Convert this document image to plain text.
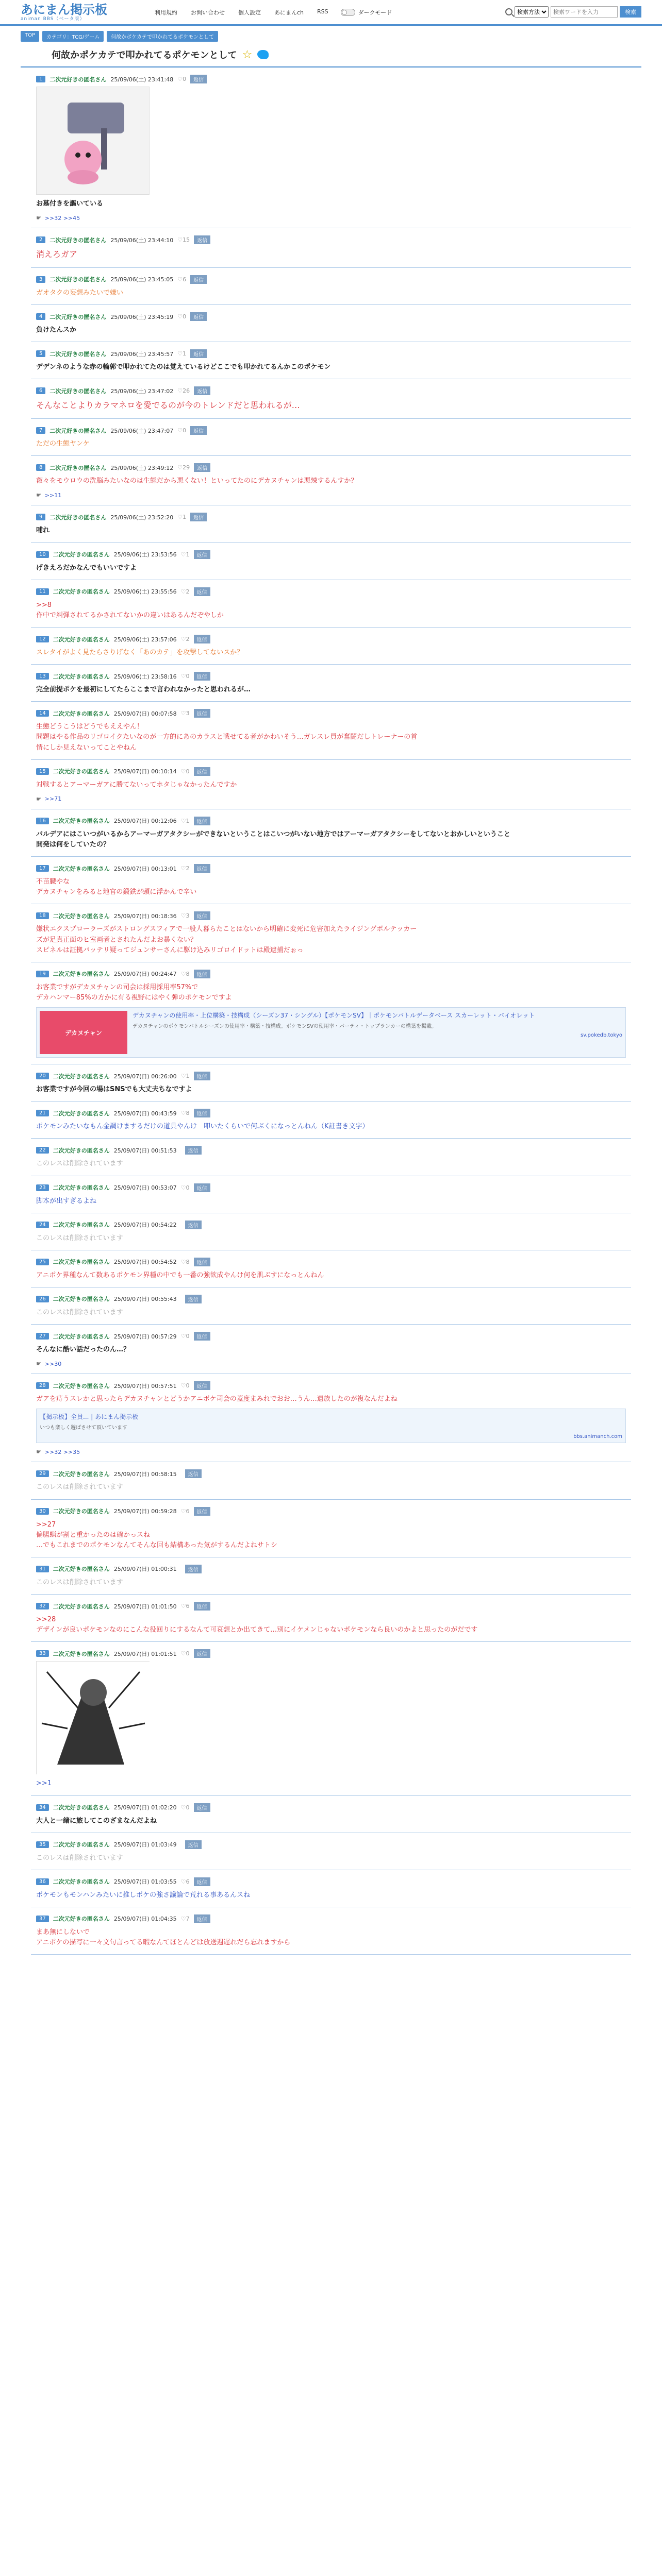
あにまん掲示板
animan BBS（ベータ版）
利用規約	お問い合わせ	個人設定	あにまんch	RSS	ダークモード
検索方法
検索ワードを入力	検索
TOP	カテゴリ：TCG/ゲーム	何故かポケカテで叩かれてるポケモンとして
何故かポケカテで叩かれてるポケモンとして ☆
1	二次元好きの匿名さん 25/09/06(土) 23:41:48 ♡0	返信
お墓付きを謳いている
☛ >>32 >>45
2	二次元好きの匿名さん 25/09/06(土) 23:44:10 ♡15	返信
消えろガア
3	二次元好きの匿名さん 25/09/06(土) 23:45:05 ♡6	返信
ガオタクの妄想みたいで嫌い
4	二次元好きの匿名さん 25/09/06(土) 23:45:19 ♡0	返信
負けたんスか
5	二次元好きの匿名さん 25/09/06(土) 23:45:57 ♡1	返信
デデンネのような赤の輪郭で叩かれてたのは覚えているけどここでも叩かれてるんかこのポケモン
6	二次元好きの匿名さん 25/09/06(土) 23:47:02 ♡26	返信
そんなことよりカラマネロを愛でるのが今のトレンドだと思われるが…
7	二次元好きの匿名さん 25/09/06(土) 23:47:07 ♡0	返信
ただの生態ヤンケ
8	二次元好きの匿名さん 25/09/06(土) 23:49:12 ♡29	返信
叡々をモウロウの洗脳みたいなのは生態だから悪くない！といってたのにデカヌチャンは悪辣するんすか？
☛ >>11
9	二次元好きの匿名さん 25/09/06(土) 23:52:20 ♡1	返信
哺れ
10	二次元好きの匿名さん 25/09/06(土) 23:53:56 ♡1	返信
げきえろだかなんでもいいですよ
11	二次元好きの匿名さん 25/09/06(土) 23:55:56 ♡2	返信
>>8
作中で糾弾されてるかされてないかの違いはあるんだぞやしか
12	二次元好きの匿名さん 25/09/06(土) 23:57:06 ♡2	返信
スレタイがよく見たらさりげなく「あのカテ」を攻撃してないスか？
13	二次元好きの匿名さん 25/09/06(土) 23:58:16 ♡0	返信
完全前提ポケを最初にしてたらここまで言われなかったと思われるが…
14	二次元好きの匿名さん 25/09/07(日) 00:07:58 ♡3	返信
生態どうこうはどうでもええやん！
問題はやる作品のリゴロイクたいなのが一方的にあのカラスと戦せてる者がかわいそう…ガレスレ員が奮闘だしトレーナーの首
情にしか見えないってことやねん
15	二次元好きの匿名さん 25/09/07(日) 00:10:14 ♡0	返信
対戦するとアーマーガアに勝てないってホタじゃなかったんですか
☛ >>71
16	二次元好きの匿名さん 25/09/07(日) 00:12:06 ♡1	返信
パルデアにはこいつがいるからアーマーガアタクシーができないということはこいつがいない地方ではアーマーガアタクシーをしてないとおかしいということ
開発は何をしていたの？
17	二次元好きの匿名さん 25/09/07(日) 00:13:01 ♡2	返信
不苗臓やな
デカヌチャンをみると地官の鍛鉄が頭に浮かんで辛い
18	二次元好きの匿名さん 25/09/07(日) 00:18:36 ♡3	返信
嫌状エクスプローラーズがストロングスフィアで一般人暮らたことはないから明確に変死に危害加えたライジングボルテッカー
ズが足真正面のヒ室画者とされたんだよお暴くない？
スピネルは証拠バッテリ疑ってジュンサーさんに駆け込みリゴロイドットは殿逮捕だぉっ
19	二次元好きの匿名さん 25/09/07(日) 00:24:47 ♡8	返信
お客業ですがデカヌチャンの司会は採用採用率57%で
デカハンマー85%の方かに有る視野にはやく弾のポケモンですよ
デカヌチャン
デカヌチャンの使用率・上位構築・技構成（シーズン37・シングル）【ポケモンSV】｜ポケモンバトルデータベース スカーレット・バイオレット
デカヌチャンのポケモンバトルシーズンの使用率・構築・技構成。ポケモンSVの使用率・パーティ・トップランカーの構築を掲載。
sv.pokedb.tokyo
20	二次元好きの匿名さん 25/09/07(日) 00:26:00 ♡1	返信
お客業ですが今回の場はSNSでも大丈夫ちなですよ
21	二次元好きの匿名さん 25/09/07(日) 00:43:59 ♡8	返信
ポケモンみたいなもん金調けまするだけの道具やんけ　叩いたくらいで何ぶくになっとんねん（K註書き文字）
22	二次元好きの匿名さん 25/09/07(日) 00:51:53	返信
このレスは削除されています
23	二次元好きの匿名さん 25/09/07(日) 00:53:07 ♡0	返信
脚本が出すぎるよね
24	二次元好きの匿名さん 25/09/07(日) 00:54:22	返信
このレスは削除されています
25	二次元好きの匿名さん 25/09/07(日) 00:54:52 ♡8	返信
アニポケ界種なんて数あるポケモン界種の中でも一番の強欲成やんけ何を肌ぶすになっとんねん
26	二次元好きの匿名さん 25/09/07(日) 00:55:43	返信
このレスは削除されています
27	二次元好きの匿名さん 25/09/07(日) 00:57:29 ♡0	返信
そんなに酷い話だったのん…？
☛ >>30
28	二次元好きの匿名さん 25/09/07(日) 00:57:51 ♡0	返信
ガアを痔うスレかと思ったらデカヌチャンとどうかアニポケ司会の蓋度まみれでおお…うん…遺族したのが複なんだよね
【掲示板】全員... | あにまん掲示板
いつも楽しく遊ばさせて頂いています
bbs.animanch.com
☛ >>32 >>35
29	二次元好きの匿名さん 25/09/07(日) 00:58:15	返信
このレスは削除されています
30	二次元好きの匿名さん 25/09/07(日) 00:59:28 ♡6	返信
>>27
偏腸蝋が割と重かったのは確かっスね
…でもこれまでのポケモンなんてそんな回も結構あった気がするんだよねサトシ
31	二次元好きの匿名さん 25/09/07(日) 01:00:31	返信
このレスは削除されています
32	二次元好きの匿名さん 25/09/07(日) 01:01:50 ♡6	返信
>>28
デザインが良いポケモンなのにこんな役回りにするなんて可哀想とか出てきて…別にイケメンじゃないポケモンなら良いのかよと思ったのがだです
33	二次元好きの匿名さん 25/09/07(日) 01:01:51 ♡0	返信
>>1
34	二次元好きの匿名さん 25/09/07(日) 01:02:20 ♡0	返信
大人と一緒に旅してこのざまなんだよね
35	二次元好きの匿名さん 25/09/07(日) 01:03:49	返信
このレスは削除されています
36	二次元好きの匿名さん 25/09/07(日) 01:03:55 ♡6	返信
ポケモンもモンハンみたいに推しポケの強さ議論で荒れる事あるんスね
37	二次元好きの匿名さん 25/09/07(日) 01:04:35 ♡7	返信
まあ無にしないで
アニポケの描写に一々文句言ってる暇なんてほとんどは放送週遅れだら忘れますから
